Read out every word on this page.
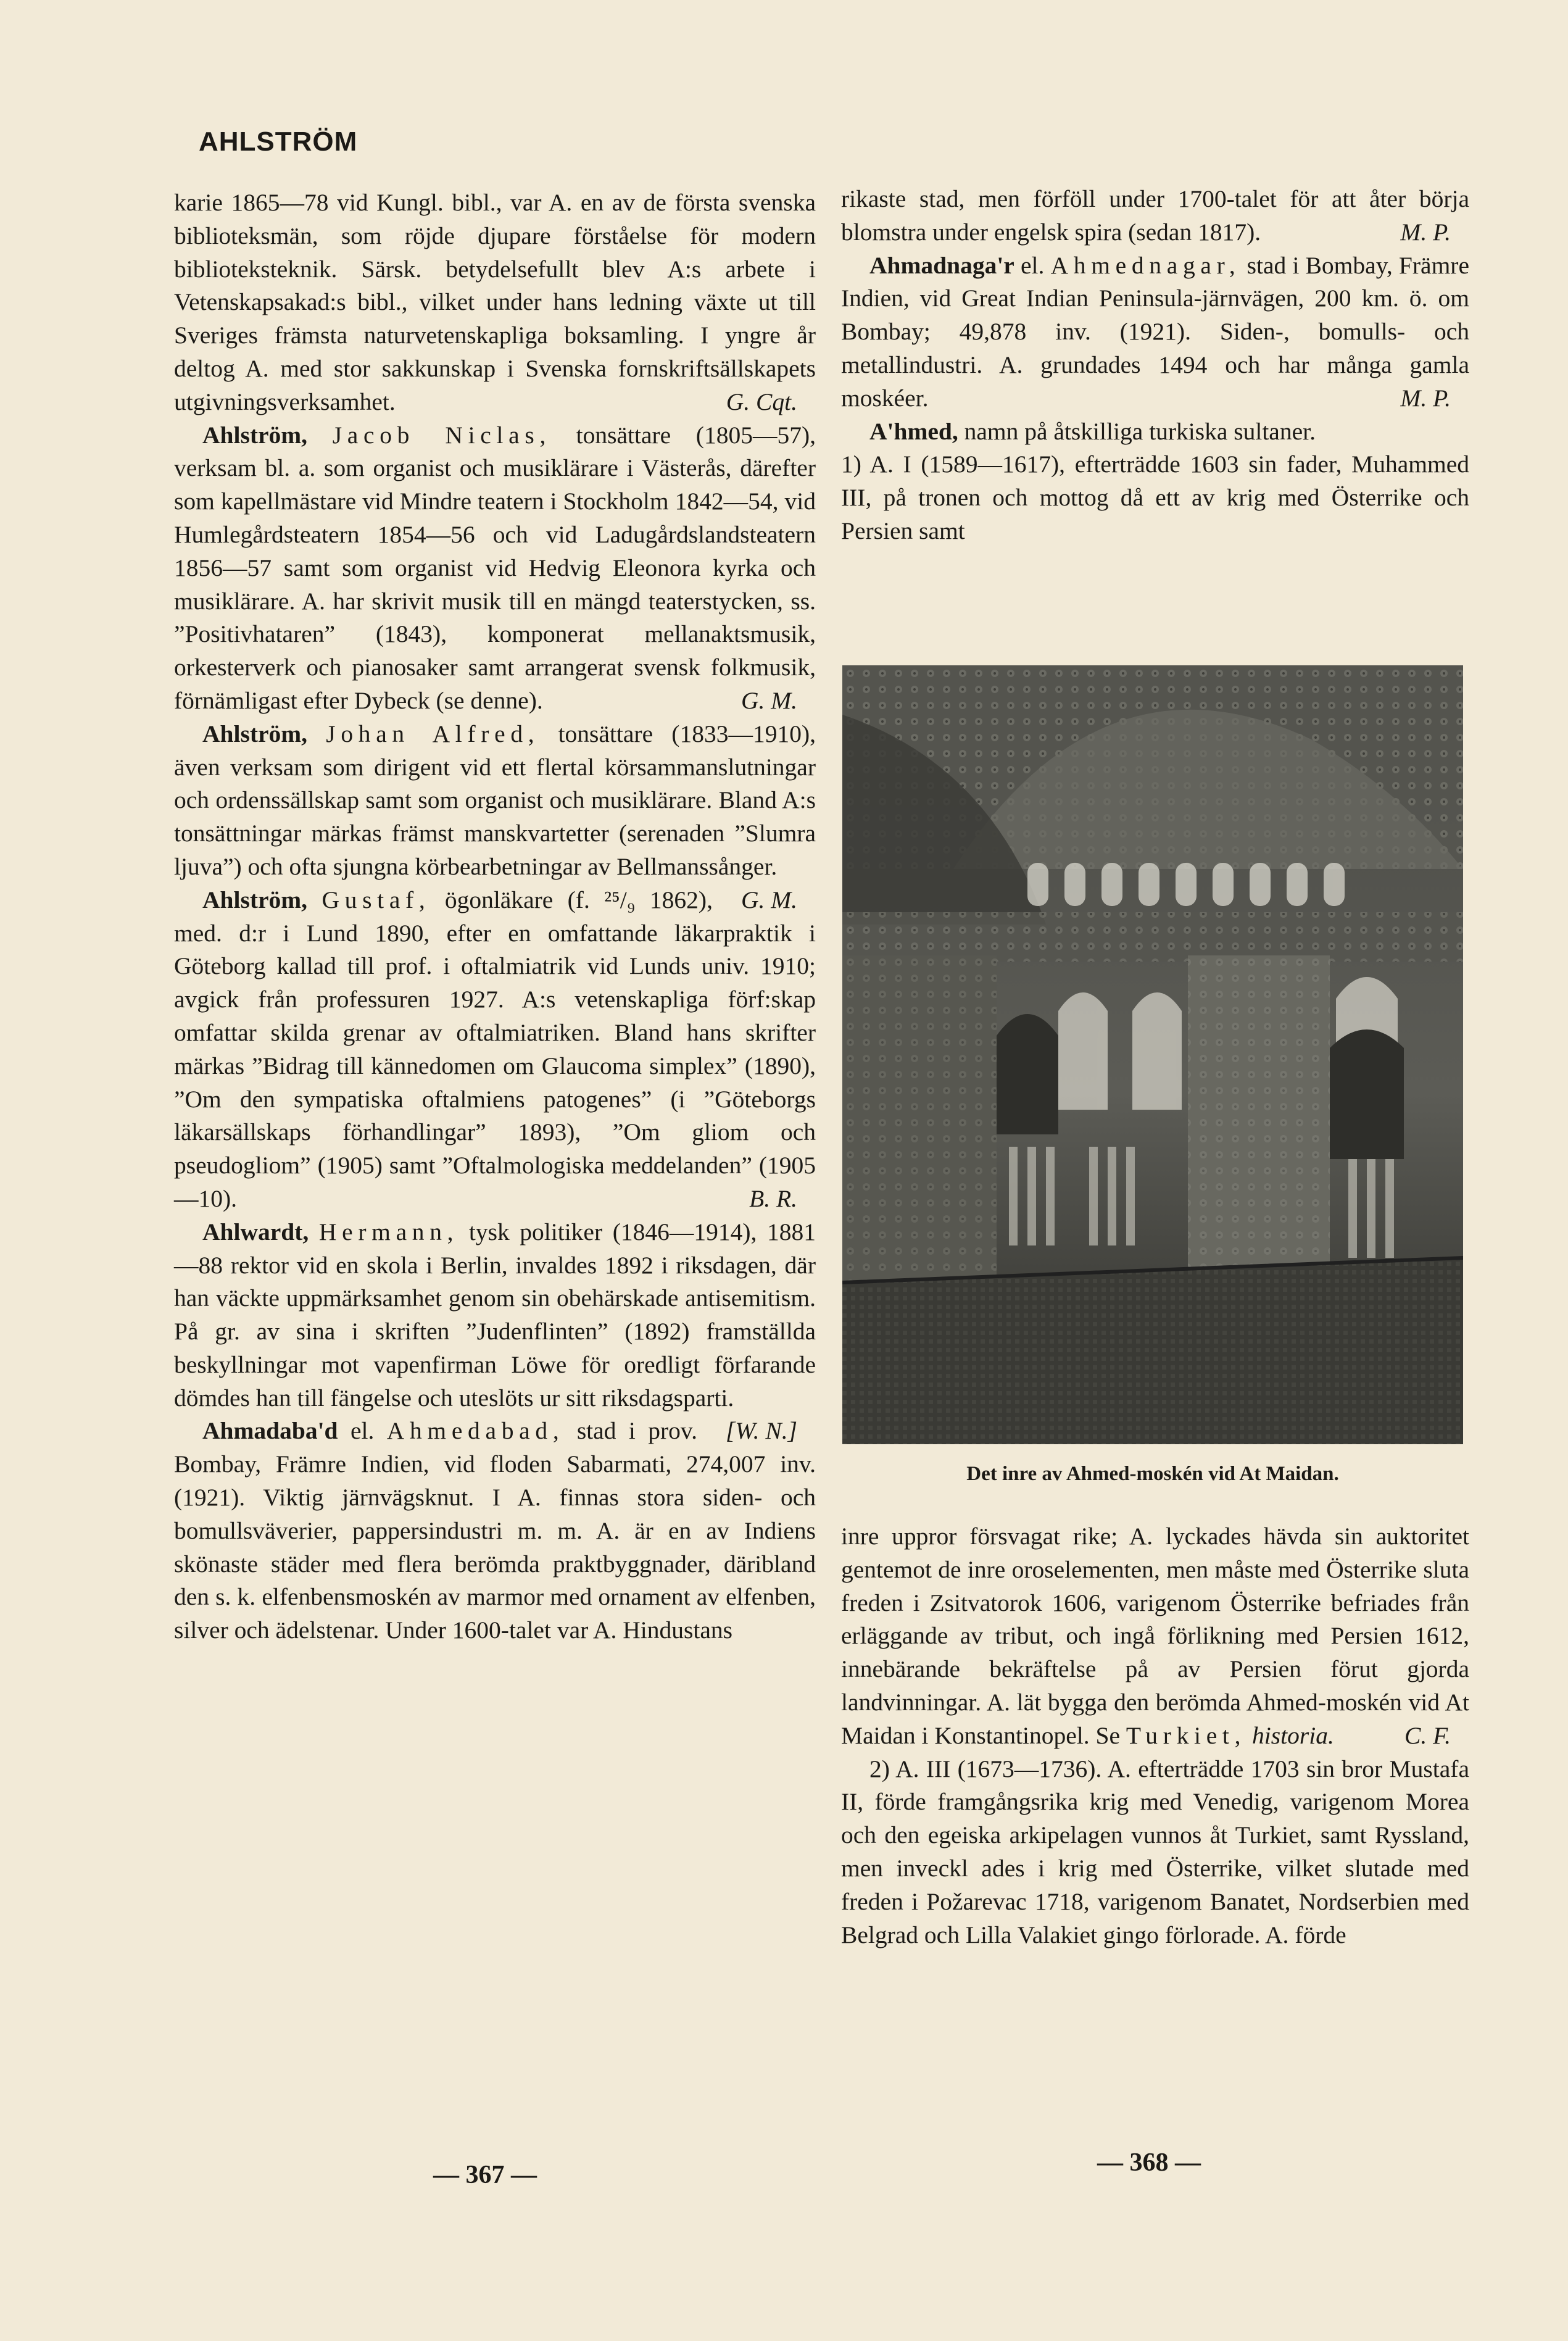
AHLSTRÖM

karie 1865—78 vid Kungl. bibl., var A. en av de första svenska biblioteksmän, som röjde djupare förståelse för modern biblioteksteknik. Särsk. betydelsefullt blev A:s arbete i Vetenskapsakad:s bibl., vilket under hans ledning växte ut till Sveriges främsta naturvetenskapliga boksamling. I yngre år deltog A. med stor sakkunskap i Svenska fornskriftsällskapets utgivningsverksamhet.	G. Cqt.

Ahlström, Jacob Niclas, tonsättare (1805—57), verksam bl. a. som organist och musiklärare i Västerås, därefter som kapellmästare vid Mindre teatern i Stockholm 1842—54, vid Humlegårdsteatern 1854—56 och vid Ladugårdslandsteatern 1856—57 samt som organist vid Hedvig Eleonora kyrka och musiklärare. A. har skrivit musik till en mängd teaterstycken, ss. ”Positivhataren” (1843), komponerat mellanaktsmusik, orkesterverk och pianosaker samt arrangerat svensk folkmusik, förnämligast efter Dybeck (se denne).	G. M.

Ahlström, Johan Alfred, tonsättare (1833—1910), även verksam som dirigent vid ett flertal körsammanslutningar och ordenssällskap samt som organist och musiklärare. Bland A:s tonsättningar märkas främst manskvartetter (serenaden ”Slumra ljuva”) och ofta sjungna körbearbetningar av Bellmanssånger.
G. M.

Ahlström, Gustaf, ögonläkare (f. ²⁵/₉ 1862), med. d:r i Lund 1890, efter en omfattande läkarpraktik i Göteborg kallad till prof. i oftalmiatrik vid Lunds univ. 1910; avgick från professuren 1927. A:s vetenskapliga förf:skap omfattar skilda grenar av oftalmiatriken. Bland hans skrifter märkas ”Bidrag till kännedomen om Glaucoma simplex” (1890), ”Om den sympatiska oftalmiens patogenes” (i ”Göteborgs läkarsällskaps förhandlingar” 1893), ”Om gliom och pseudogliom” (1905) samt ”Oftalmologiska meddelanden” (1905—10).	B. R.

Ahlwardt, Hermann, tysk politiker (1846—1914), 1881—88 rektor vid en skola i Berlin, invaldes 1892 i riksdagen, där han väckte uppmärksamhet genom sin obehärskade antisemitism. På gr. av sina i skriften ”Judenflinten” (1892) framställda beskyllningar mot vapenfirman Löwe för oredligt förfarande dömdes han till fängelse och uteslöts ur sitt riksdagsparti.
[W. N.]

Ahmadaba'd el. Ahmedabad, stad i prov. Bombay, Främre Indien, vid floden Sabarmati, 274,007 inv. (1921). Viktig järnvägsknut. I A. finnas stora siden- och bomullsväverier, pappersindustri m. m. A. är en av Indiens skönaste städer med flera berömda praktbyggnader, däribland den s. k. elfenbensmoskén av marmor med ornament av elfenben, silver och ädelstenar. Under 1600-talet var A. Hindustans

rikaste stad, men förföll under 1700-talet för att åter börja blomstra under engelsk spira (sedan 1817).	M. P.

Ahmadnaga'r el. Ahmednagar, stad i Bombay, Främre Indien, vid Great Indian Peninsula-järnvägen, 200 km. ö. om Bombay; 49,878 inv. (1921). Siden-, bomulls- och metallindustri. A. grundades 1494 och har många gamla moskéer.	M. P.

A'hmed, namn på åtskilliga turkiska sultaner.

1) A. I (1589—1617), efterträdde 1603 sin fader, Muhammed III, på tronen och mottog då ett av krig med Österrike och Persien samt

Det inre av Ahmed-moskén vid At Maidan.

inre uppror försvagat rike; A. lyckades hävda sin auktoritet gentemot de inre oroselementen, men måste med Österrike sluta freden i Zsitvatorok 1606, varigenom Österrike befriades från erläggande av tribut, och ingå förlikning med Persien 1612, innebärande bekräftelse på av Persien förut gjorda landvinningar. A. lät bygga den berömda Ahmed-moskén vid At Maidan i Konstantinopel. Se Turkiet, historia.	C. F.

2) A. III (1673—1736). A. efterträdde 1703 sin bror Mustafa II, förde framgångsrika krig med Venedig, varigenom Morea och den egeiska arkipelagen vunnos åt Turkiet, samt Ryssland, men inveckl ades i krig med Österrike, vilket slutade med freden i Požarevac 1718, varigenom Banatet, Nordserbien med Belgrad och Lilla Valakiet gingo förlorade. A. förde

— 367 —	— 368 —
